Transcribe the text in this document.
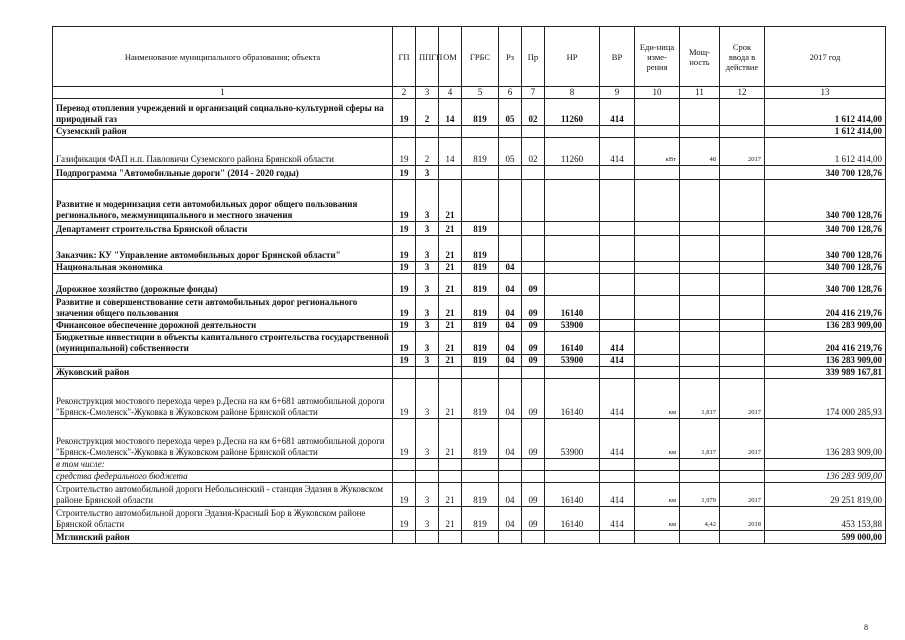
Наименование муниципального образования; объекта	ГП	ППГП	ОМ	ГРБС	Рз	Пр	НР	ВР	Еди-ница изме-рения	Мощ-ность	Срок ввода в действие	2017 год
1	2	3	4	5	6	7	8	9	10	11	12	13
Перевод отопления учреждений и организаций социально-культурной сферы на природный газ	19	2	14	819	05	02	11260	414				1 612 414,00
Суземский район												1 612 414,00
Газификация ФАП н.п. Павловичи Суземского района Брянской области	19	2	14	819	05	02	11260	414	кВт	48	2017	1 612 414,00
Подпрограмма "Автомобильные дороги" (2014 - 2020 годы)	19	3										340 700 128,76
Развитие и модернизация сети автомобильных дорог общего пользования регионального, межмуниципального и местного значения	19	3	21									340 700 128,76
Департамент строительства Брянской области	19	3	21	819								340 700 128,76
Заказчик: КУ "Управление автомобильных дорог Брянской области"	19	3	21	819								340 700 128,76
Национальная экономика	19	3	21	819	04							340 700 128,76
Дорожное хозяйство (дорожные фонды)	19	3	21	819	04	09						340 700 128,76
Развитие и совершенствование сети автомобильных дорог регионального значения общего пользования	19	3	21	819	04	09	16140					204 416 219,76
Финансовое обеспечение дорожной деятельности	19	3	21	819	04	09	53900					136 283 909,00
Бюджетные инвестиции в объекты капитального строительства государственной (муниципальной) собственности	19	3	21	819	04	09	16140	414				204 416 219,76
	19	3	21	819	04	09	53900	414				136 283 909,00
Жуковский район												339 989 167,81
Реконструкция мостового перехода через р.Десна на км 6+681 автомобильной дороги "Брянск-Смоленск"-Жуковка в Жуковском районе Брянской области	19	3	21	819	04	09	16140	414	км	1,817	2017	174 000 285,93
Реконструкция мостового перехода через р.Десна на км 6+681 автомобильной дороги "Брянск-Смоленск"-Жуковка в Жуковском районе Брянской области	19	3	21	819	04	09	53900	414	км	1,817	2017	136 283 909,00
в том числе:												
средства федерального бюджета												136 283 909,00
Строительство автомобильной дороги Небольсинский - станция Эдазия в Жуковском районе Брянской области	19	3	21	819	04	09	16140	414	км	1,979	2017	29 251 819,00
Строительство автомобильной дороги Эдазия-Красный Бор в Жуковском районе Брянской области	19	3	21	819	04	09	16140	414	км	4,42	2018	453 153,88
Мглинский район												599 000,00
8
